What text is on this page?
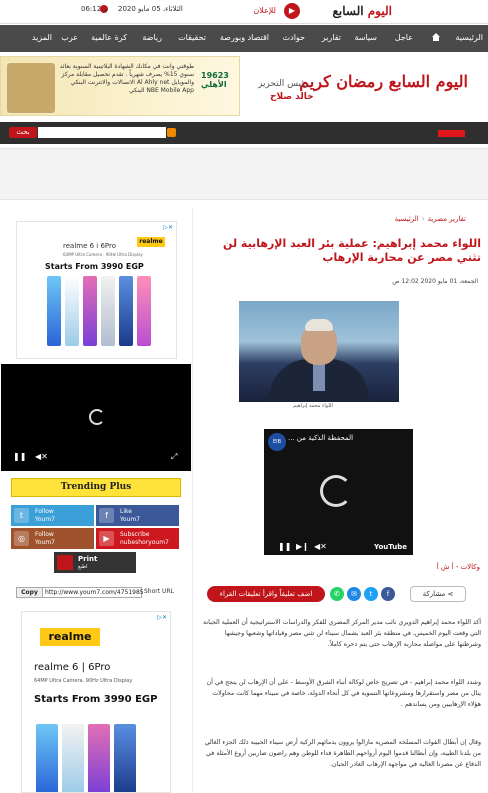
اليوم السابع
▶
للإعلان
الثلاثاء، 05 مايو 2020
06:12 م
الرئيسية
عاجل
سياسة
تقارير
حوادث
اقتصاد وبورصة
تحقيقات
رياضة
كرة عالمية
عرب
المزيد
اليوم السابع رمضان كريم
رئيس التحرير
خالد صلاح
طوقتي وانت في مكانك الشهادة البلاتينية السنوية بعائد سنوي 15% يصرف شهرياً . تقدم تحصيل مقابلة مركز الاتصالات والانترنت البنكي Al Ahly net والموبايل البنكي NBE Mobile App
19623 الأهلي
بحث
▷✕
realme 6 i 6Pro
64MP Ultra Camera · 90Hz Ultra Display
Starts From 3990 EGP
realme
❚❚ ◀✕	⤢
Trending Plus
t	Follow
Youm7	f	Like
Youm7
◎	Follow
Youm7	▶	Subscribe
nubeshoryoum7
Print
اطبع
Copy	http://www.youm7.com/4751985 Short URL
▷✕
realme
realme 6 | 6Pro
64MP Ultra Camera. 90Hz Ultra Display
Starts From 3990 EGP
تقارير مصرية‹الرئيسية
اللواء محمد إبراهيم: عملية بئر العبد الإرهابية لن تثني مصر عن محاربة الإرهاب
الجمعة، 01 مايو 2020 12:02 ص
اللواء محمد إبراهيم
EIB المحفظة الذكية من ...
❚❚ ▶❙ ◀✕	YouTube
وكالات - أ ش أ
اضف تعليقاً واقرأ تعليقات القراء	✆	✉	t	f	مشاركة ⋖
أكد اللواء محمد إبراهيم الدويري نائب مدير المركز المصري للفكر والدراسات الاستراتيجية أن العملية الجبانة التي وقعت اليوم الخميس، في منطقة بئر العبد بشمال سيناء لن تثني مصر وقياداتها وشعبها وجيشها وشرطتها على مواصلة محاربة الإرهاب حتى يتم دحره كاملاً.
وشدد اللواء محمد إبراهيم - في تصريح خاص لوكالة أنباء الشرق الأوسط - على أن الإرهاب لن ينجح في أن ينال من مصر واستقرارها ومشروعاتها التنموية في كل أنحاء الدولة، خاصة في سيناء مهما كانت محاولات هؤلاء الإرهابيين ومن يساندهم .
وقال إن أبطال القوات المسلحة المصرية مازالوا يروون بدمائهم الزكية أرض سيناء الحبيبة ذلك الجزء الغالي من بلدنا الطيبة، وإن أبطالنا قدموا اليوم أرواحهم الطاهرة فداء للوطن وهم راضون ضاربين أروع الأمثلة في الدفاع عن مصرنا الغالية في مواجهة الإرهاب الغادر الجبان.
